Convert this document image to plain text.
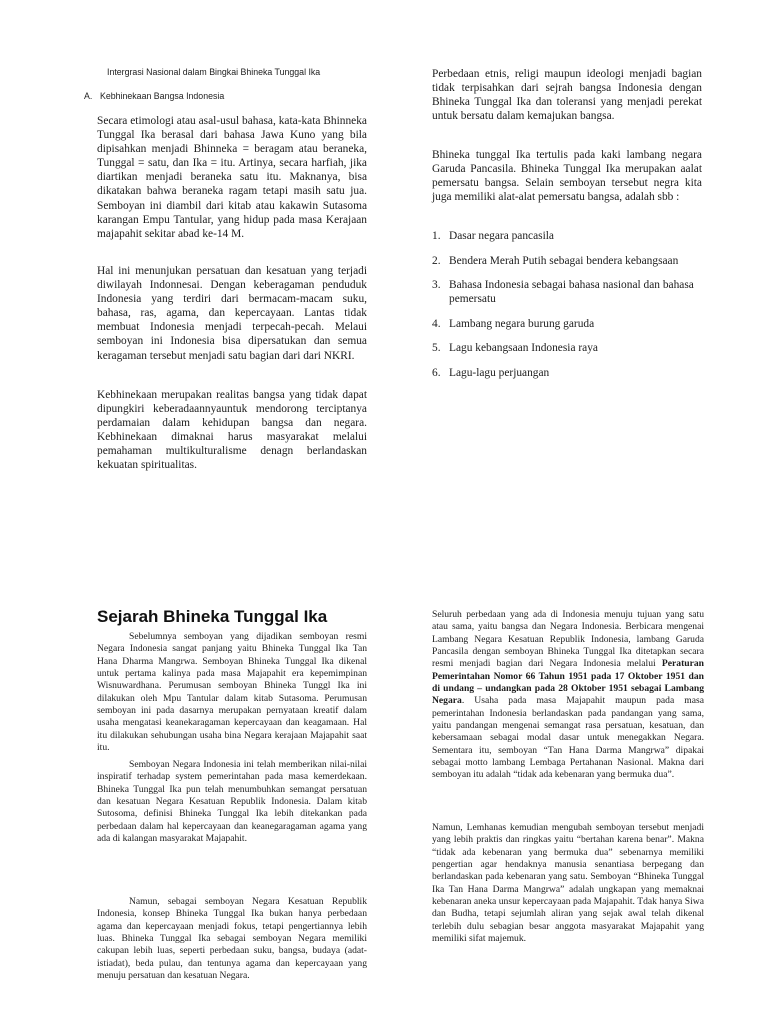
Intergrasi Nasional dalam Bingkai Bhineka Tunggal Ika
A. Kebhinekaan Bangsa Indonesia

Secara etimologi atau asal-usul bahasa, kata-kata Bhinneka Tunggal Ika berasal dari bahasa Jawa Kuno yang bila dipisahkan menjadi Bhinneka = beragam atau beraneka, Tunggal = satu, dan Ika = itu. Artinya, secara harfiah, jika diartikan menjadi beraneka satu itu. Maknanya, bisa dikatakan bahwa beraneka ragam tetapi masih satu jua. Semboyan ini diambil dari kitab atau kakawin Sutasoma karangan Empu Tantular, yang hidup pada masa Kerajaan majapahit sekitar abad ke-14 M.

Hal ini menunjukan persatuan dan kesatuan yang terjadi diwilayah Indonnesai. Dengan keberagaman penduduk Indonesia yang terdiri dari bermacam-macam suku, bahasa, ras, agama, dan kepercayaan. Lantas tidak membuat Indonesia menjadi terpecah-pecah. Melaui semboyan ini Indonesia bisa dipersatukan dan semua keragaman tersebut menjadi satu bagian dari dari NKRI.

Kebhinekaan merupakan realitas bangsa yang tidak dapat dipungkiri keberadaannyauntuk mendorong terciptanya perdamaian dalam kehidupan bangsa dan negara. Kebhinekaan dimaknai harus masyarakat melalui pemahaman multikulturalisme denagn berlandaskan kekuatan spiritualitas.

Perbedaan etnis, religi maupun ideologi menjadi bagian tidak terpisahkan dari sejrah bangsa Indonesia dengan Bhineka Tunggal Ika dan toleransi yang menjadi perekat untuk bersatu dalam kemajukan bangsa.

Bhineka tunggal Ika tertulis pada kaki lambang negara Garuda Pancasila. Bhineka Tunggal Ika merupakan aalat pemersatu bangsa. Selain semboyan tersebut negra kita juga memiliki alat-alat pemersatu bangsa, adalah sbb :

1. Dasar negara pancasila
2. Bendera Merah Putih sebagai bendera kebangsaan
3. Bahasa Indonesia sebagai bahasa nasional dan bahasa pemersatu
4. Lambang negara burung garuda
5. Lagu kebangsaan Indonesia raya
6. Lagu-lagu perjuangan
Sejarah Bhineka Tunggal Ika

Sebelumnya semboyan yang dijadikan semboyan resmi Negara Indonesia sangat panjang yaitu Bhineka Tunggal Ika Tan Hana Dharma Mangrwa. Semboyan Bhineka Tunggal Ika dikenal untuk pertama kalinya pada masa Majapahit era kepemimpinan Wisnuwardhana. Perumusan semboyan Bhineka Tunggl Ika ini dilakukan oleh Mpu Tantular dalam kitab Sutasoma. Perumusan semboyan ini pada dasarnya merupakan pernyataan kreatif dalam usaha mengatasi keanekaragaman kepercayaan dan keagamaan. Hal itu dilakukan sehubungan usaha bina Negara kerajaan Majapahit saat itu.

Semboyan Negara Indonesia ini telah memberikan nilai-nilai inspiratif terhadap system pemerintahan pada masa kemerdekaan. Bhineka Tunggal Ika pun telah menumbuhkan semangat persatuan dan kesatuan Negara Kesatuan Republik Indonesia. Dalam kitab Sutosoma, definisi Bhineka Tunggal Ika lebih ditekankan pada perbedaan dalam hal kepercayaan dan keanegaragaman agama yang ada di kalangan masyarakat Majapahit.

Namun, sebagai semboyan Negara Kesatuan Republik Indonesia, konsep Bhineka Tunggal Ika bukan hanya perbedaan agama dan kepercayaan menjadi fokus, tetapi pengertiannya lebih luas. Bhineka Tunggal Ika sebagai semboyan Negara memiliki cakupan lebih luas, seperti perbedaan suku, bangsa, budaya (adat-istiadat), beda pulau, dan tentunya agama dan kepercayaan yang menuju persatuan dan kesatuan Negara.

Seluruh perbedaan yang ada di Indonesia menuju tujuan yang satu atau sama, yaitu bangsa dan Negara Indonesia. Berbicara mengenai Lambang Negara Kesatuan Republik Indonesia, lambang Garuda Pancasila dengan semboyan Bhineka Tunggal Ika ditetapkan secara resmi menjadi bagian dari Negara Indonesia melalui Peraturan Pemerintahan Nomor 66 Tahun 1951 pada 17 Oktober 1951 dan di undang – undangkan pada 28 Oktober 1951 sebagai Lambang Negara. Usaha pada masa Majapahit maupun pada masa pemerintahan Indonesia berlandaskan pada pandangan yang sama, yaitu pandangan mengenai semangat rasa persatuan, kesatuan, dan kebersamaan sebagai modal dasar untuk menegakkan Negara. Sementara itu, semboyan “Tan Hana Darma Mangrwa” dipakai sebagai motto lambang Lembaga Pertahanan Nasional. Makna dari semboyan itu adalah “tidak ada kebenaran yang bermuka dua”.

Namun, Lemhanas kemudian mengubah semboyan tersebut menjadi yang lebih praktis dan ringkas yaitu “bertahan karena benar”. Makna “tidak ada kebenaran yang bermuka dua” sebenarnya memiliki pengertian agar hendaknya manusia senantiasa berpegang dan berlandaskan pada kebenaran yang satu. Semboyan “Bhineka Tunggal Ika Tan Hana Darma Mangrwa” adalah ungkapan yang memaknai kebenaran aneka unsur kepercayaan pada Majapahit. Tdak hanya Siwa dan Budha, tetapi sejumlah aliran yang sejak awal telah dikenal terlebih dulu sebagian besar anggota masyarakat Majapahit yang memiliki sifat majemuk.
